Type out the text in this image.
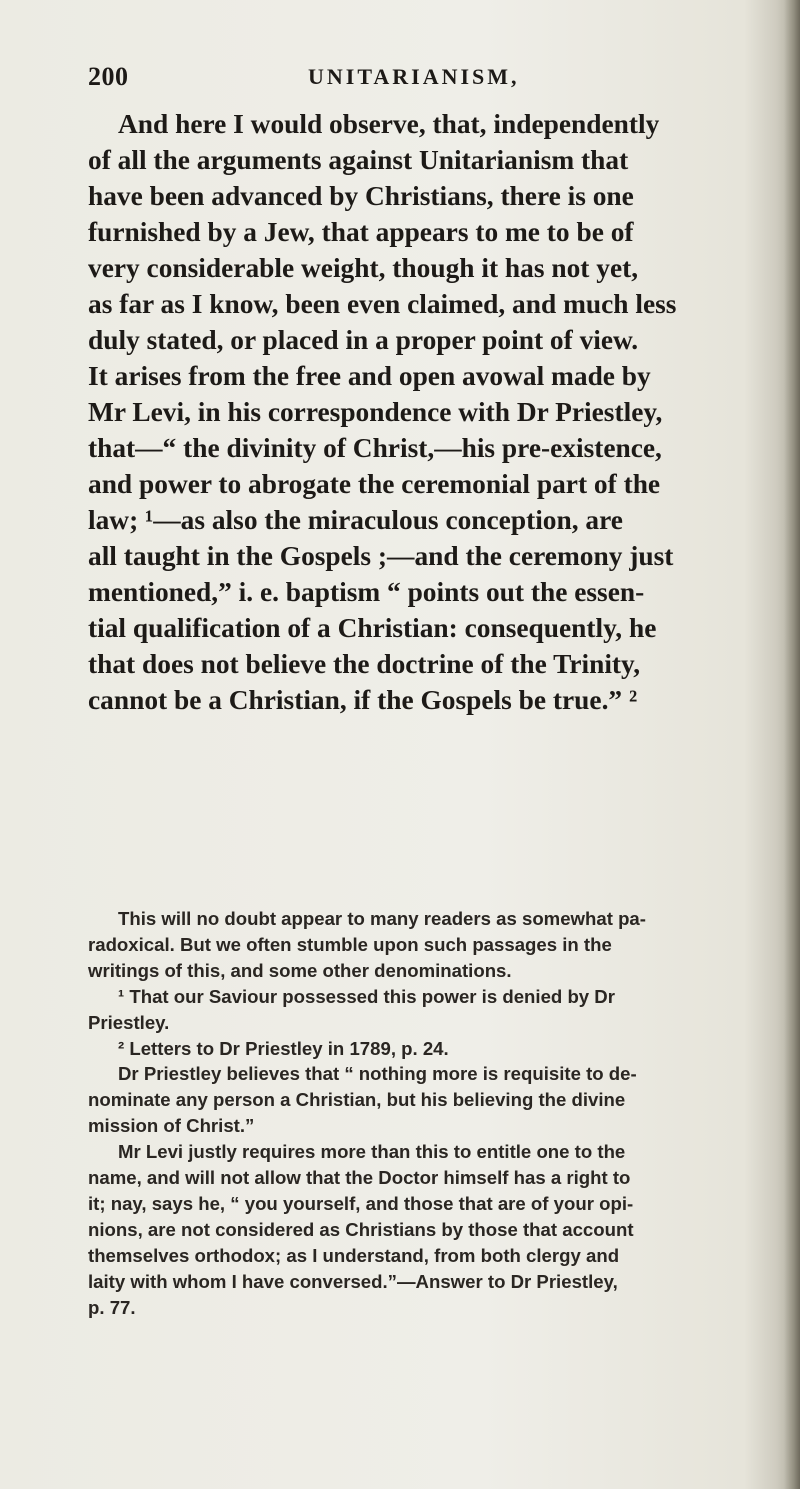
200	UNITARIANISM,
And here I would observe, that, independently
of all the arguments against Unitarianism that
have been advanced by Christians, there is one
furnished by a Jew, that appears to me to be of
very considerable weight, though it has not yet,
as far as I know, been even claimed, and much less
duly stated, or placed in a proper point of view.
It arises from the free and open avowal made by
Mr Levi, in his correspondence with Dr Priestley,
that—“ the divinity of Christ,—his pre-existence,
and power to abrogate the ceremonial part of the
law; ¹—as also the miraculous conception, are
all taught in the Gospels ;—and the ceremony just
mentioned,” i. e. baptism “ points out the essen-
tial qualification of a Christian: consequently, he
that does not believe the doctrine of the Trinity,
cannot be a Christian, if the Gospels be true.” ²
This will no doubt appear to many readers as somewhat pa-
radoxical. But we often stumble upon such passages in the
writings of this, and some other denominations.
¹ That our Saviour possessed this power is denied by Dr
Priestley.
² Letters to Dr Priestley in 1789, p. 24.
Dr Priestley believes that “ nothing more is requisite to de-
nominate any person a Christian, but his believing the divine
mission of Christ.”
Mr Levi justly requires more than this to entitle one to the
name, and will not allow that the Doctor himself has a right to
it; nay, says he, “ you yourself, and those that are of your opi-
nions, are not considered as Christians by those that account
themselves orthodox; as I understand, from both clergy and
laity with whom I have conversed.”—Answer to Dr Priestley,
p. 77.
